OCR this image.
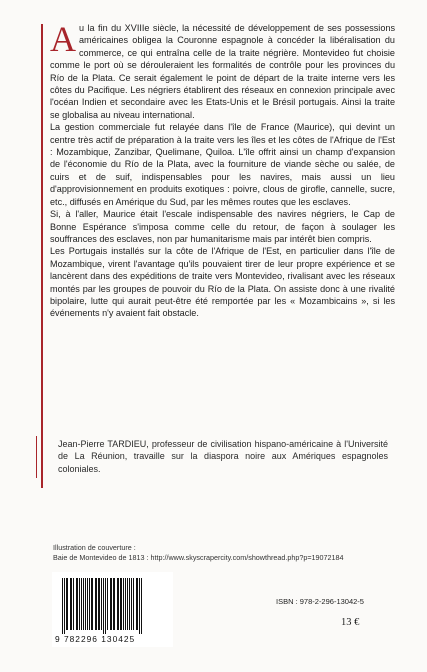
Au la fin du XVIIIe siècle, la nécessité de développement de ses possessions américaines obligea la Couronne espagnole à concéder la libéralisation du commerce, ce qui entraîna celle de la traite négrière. Montevideo fut choisie comme le port où se dérouleraient les formalités de contrôle pour les provinces du Río de la Plata. Ce serait également le point de départ de la traite interne vers les côtes du Pacifique. Les négriers établirent des réseaux en connexion principale avec l'océan Indien et secondaire avec les Etats-Unis et le Brésil portugais. Ainsi la traite se globalisa au niveau international.

La gestion commerciale fut relayée dans l'île de France (Maurice), qui devint un centre très actif de préparation à la traite vers les îles et les côtes de l'Afrique de l'Est : Mozambique, Zanzibar, Quelimane, Quiloa. L'île offrit ainsi un champ d'expansion de l'économie du Río de la Plata, avec la fourniture de viande sèche ou salée, de cuirs et de suif, indispensables pour les navires, mais aussi un lieu d'approvisionnement en produits exotiques : poivre, clous de girofle, cannelle, sucre, etc., diffusés en Amérique du Sud, par les mêmes routes que les esclaves.

Si, à l'aller, Maurice était l'escale indispensable des navires négriers, le Cap de Bonne Espérance s'imposa comme celle du retour, de façon à soulager les souffrances des esclaves, non par humanitarisme mais par intérêt bien compris.

Les Portugais installés sur la côte de l'Afrique de l'Est, en particulier dans l'île de Mozambique, virent l'avantage qu'ils pouvaient tirer de leur propre expérience et se lancèrent dans des expéditions de traite vers Montevideo, rivalisant avec les réseaux montés par les groupes de pouvoir du Río de la Plata. On assiste donc à une rivalité bipolaire, lutte qui aurait peut-être été remportée par les « Mozambicains », si les événements n'y avaient fait obstacle.

Jean-Pierre TARDIEU, professeur de civilisation hispano-américaine à l'Université de La Réunion, travaille sur la diaspora noire aux Amériques espagnoles coloniales.
Illustration de couverture :
Baie de Montevideo de 1813 : http://www.skyscrapercity.com/showthread.php?p=19072184
9 782296 130425
ISBN : 978-2-296-13042-5
13 €
